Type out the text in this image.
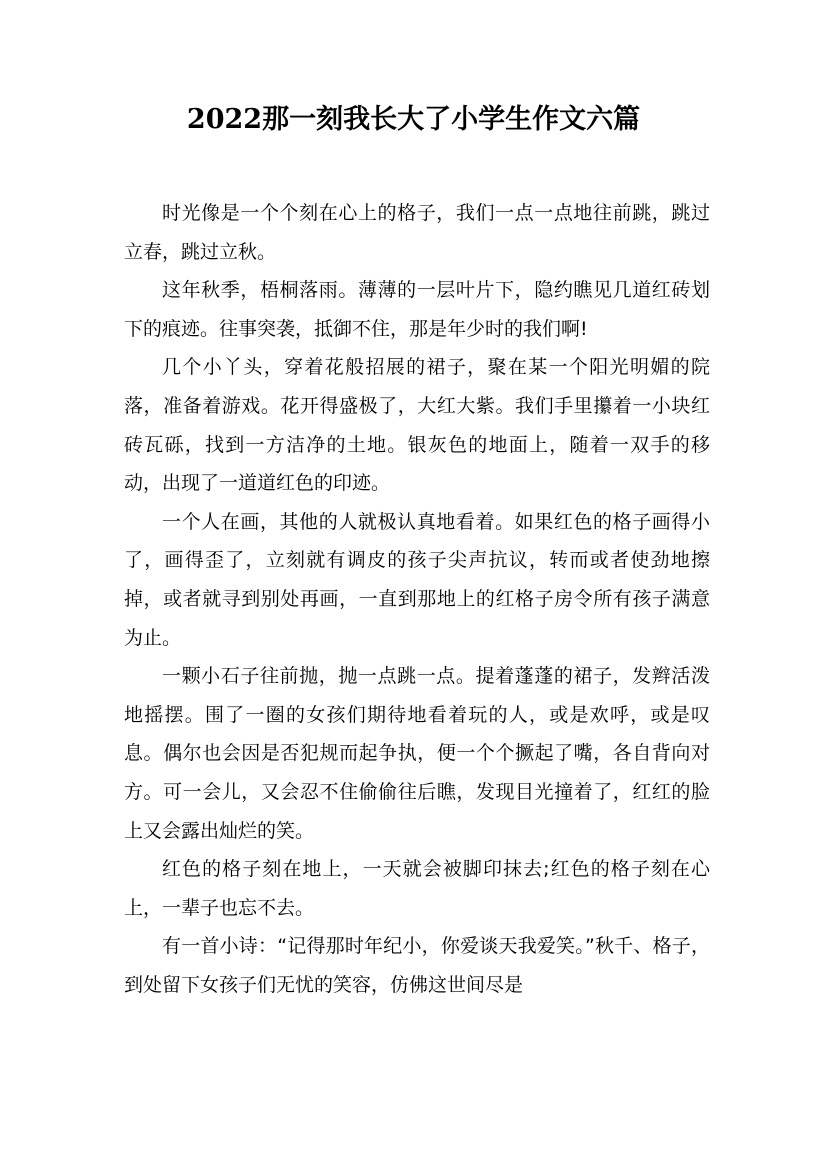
2022那一刻我长大了小学生作文六篇

时光像是一个个刻在心上的格子，我们一点一点地往前跳，跳过立春，跳过立秋。

这年秋季，梧桐落雨。薄薄的一层叶片下，隐约瞧见几道红砖划下的痕迹。往事突袭，抵御不住，那是年少时的我们啊!

几个小丫头，穿着花般招展的裙子，聚在某一个阳光明媚的院落，准备着游戏。花开得盛极了，大红大紫。我们手里攥着一小块红砖瓦砾，找到一方洁净的土地。银灰色的地面上，随着一双手的移动，出现了一道道红色的印迹。

一个人在画，其他的人就极认真地看着。如果红色的格子画得小了，画得歪了，立刻就有调皮的孩子尖声抗议，转而或者使劲地擦掉，或者就寻到别处再画，一直到那地上的红格子房令所有孩子满意为止。

一颗小石子往前抛，抛一点跳一点。提着蓬蓬的裙子，发辫活泼地摇摆。围了一圈的女孩们期待地看着玩的人，或是欢呼，或是叹息。偶尔也会因是否犯规而起争执，便一个个撅起了嘴，各自背向对方。可一会儿，又会忍不住偷偷往后瞧，发现目光撞着了，红红的脸上又会露出灿烂的笑。

红色的格子刻在地上，一天就会被脚印抹去;红色的格子刻在心上，一辈子也忘不去。

有一首小诗：“记得那时年纪小，你爱谈天我爱笑。”秋千、格子，到处留下女孩子们无忧的笑容，仿佛这世间尽是
